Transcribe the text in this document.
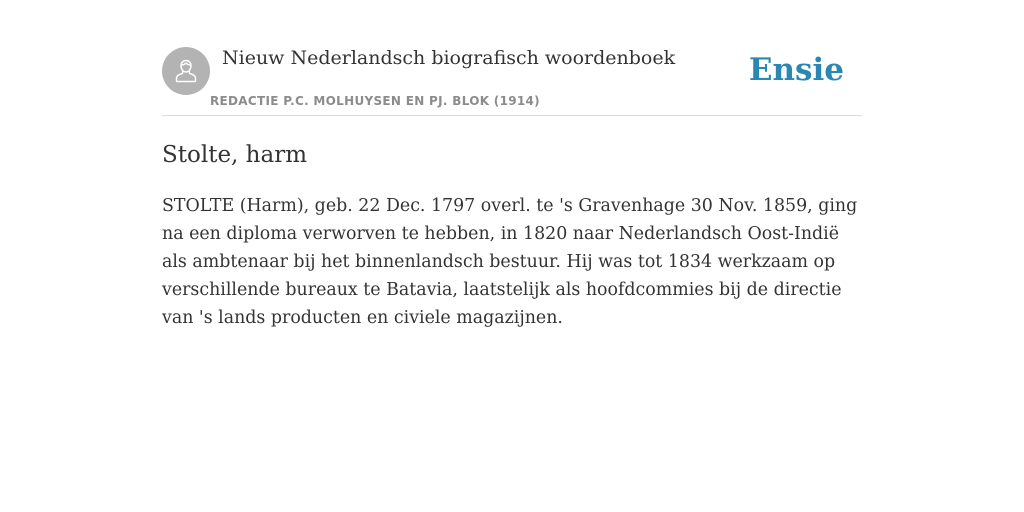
Nieuw Nederlandsch biografisch woordenboek
REDACTIE P.C. MOLHUYSEN EN PJ. BLOK (1914)
Ensie
Stolte, harm

STOLTE (Harm), geb. 22 Dec. 1797 overl. te 's Gravenhage 30 Nov. 1859, ging na een diploma verworven te hebben, in 1820 naar Nederlandsch Oost-Indië als ambtenaar bij het binnenlandsch bestuur. Hij was tot 1834 werkzaam op verschillende bureaux te Batavia, laatstelijk als hoofdcommies bij de directie van 's lands producten en civiele magazijnen.
